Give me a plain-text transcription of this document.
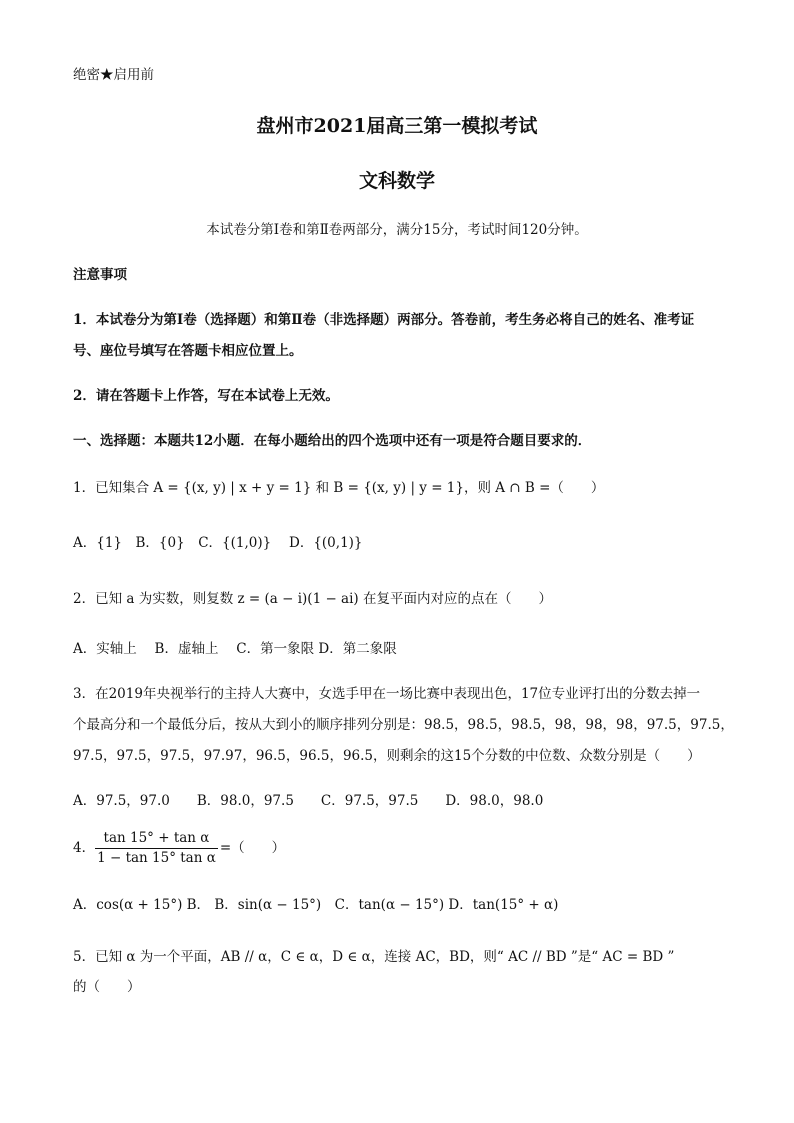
绝密★启用前
盘州市2021届高三第一模拟考试
文科数学
本试卷分第Ⅰ卷和第Ⅱ卷两部分，满分15分，考试时间120分钟。
注意事项
1．本试卷分为第Ⅰ卷（选择题）和第Ⅱ卷（非选择题）两部分。答卷前，考生务必将自己的姓名、准考证
号、座位号填写在答题卡相应位置上。
2．请在答题卡上作答，写在本试卷上无效。
一、选择题：本题共12小题．在每小题给出的四个选项中还有一项是符合题目要求的．
1．已知集合 A = {(x, y) | x + y = 1} 和 B = {(x, y) | y = 1}，则 A ∩ B =（　　）
A．{1}　B．{0}　C．{(1,0)}　 D．{(0,1)}
2．已知 a 为实数，则复数 z = (a − i)(1 − ai) 在复平面内对应的点在（　　）
A．实轴上　 B．虚轴上　 C．第一象限 D．第二象限
3．在2019年央视举行的主持人大赛中，女选手甲在一场比赛中表现出色，17位专业评打出的分数去掉一
个最高分和一个最低分后，按从大到小的顺序排列分别是：98.5，98.5，98.5，98，98，98，97.5，97.5，
97.5，97.5，97.5，97.97，96.5，96.5，96.5，则剩余的这15个分数的中位数、众数分别是（　　）
A．97.5，97.0　　B．98.0，97.5　　C．97.5，97.5　　D．98.0，98.0
4． $\frac{\text{tan 15° + tan α}}{\text{1 − tan 15° tan α}}$ =（　　）
A．cos(α + 15°) B． B．sin(α − 15°)　C．tan(α − 15°) D．tan(15° + α)
5．已知 α 为一个平面，AB // α，C ∈ α，D ∈ α，连接 AC，BD，则“ AC // BD ”是“ AC = BD ”
的（　　）
